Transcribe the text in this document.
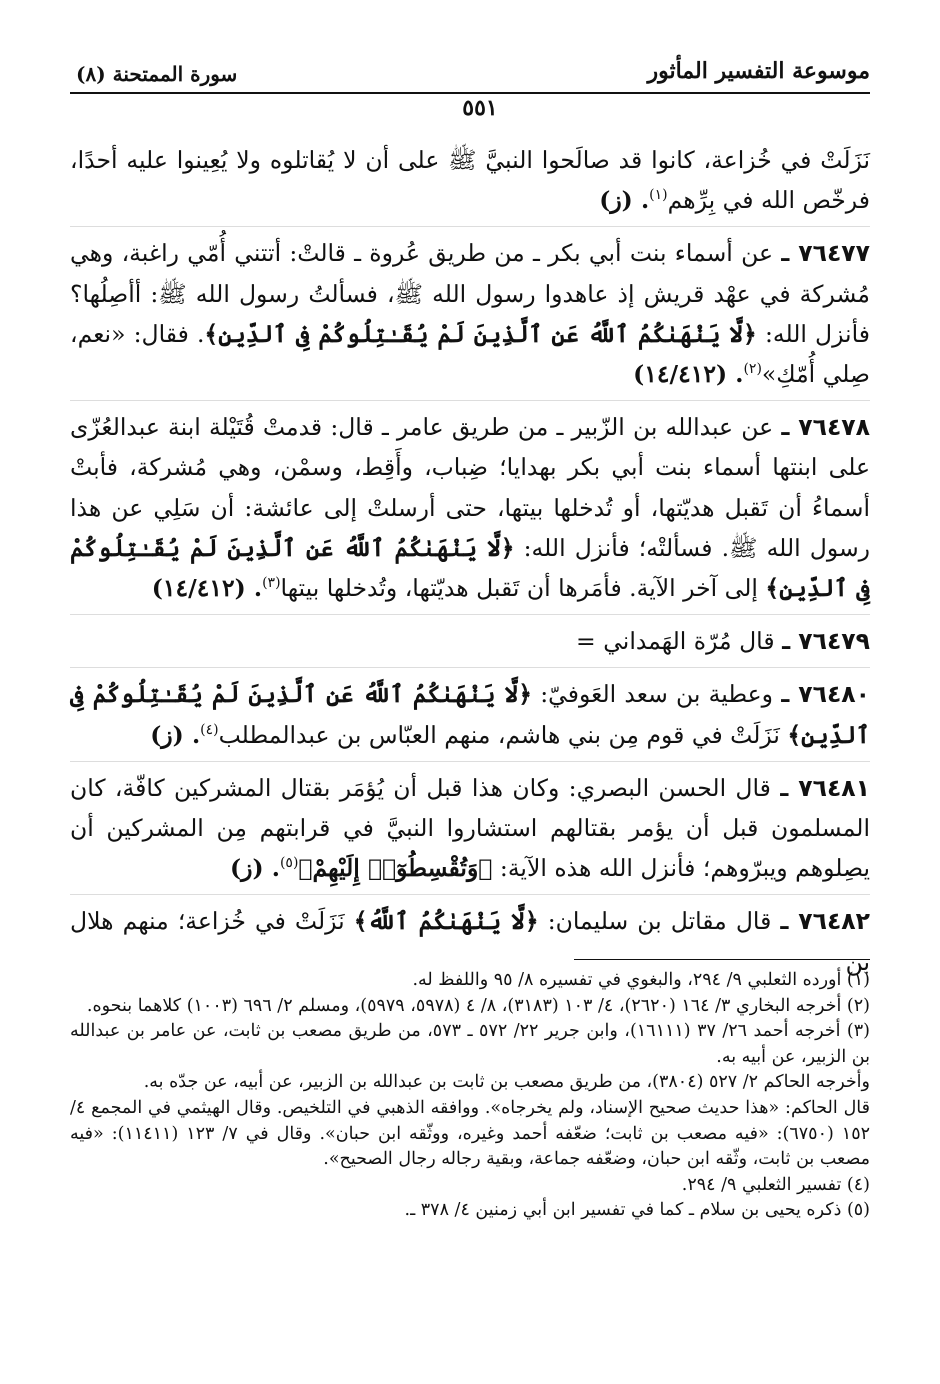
موسوعة التفسير المأثور
سورة الممتحنة (٨)
٥٥١

نَزَلَتْ في خُزاعة، كانوا قد صالَحوا النبيَّ ﷺ على أن لا يُقاتلوه ولا يُعِينوا عليه أحدًا، فرخّص الله في بِرِّهم$^{(١)}$. (ز)

٧٦٤٧٧ ـ عن أسماء بنت أبي بكر ـ من طريق عُروة ـ قالتْ: أتتني أُمّي راغبة، وهي مُشركة في عهْد قريش إذ عاهدوا رسول الله ﷺ، فسألتُ رسول الله ﷺ: أأصِلُها؟ فأنزل الله: ﴿لَّا يَنْهَىٰكُمُ ٱللَّهُ عَنِ ٱلَّذِينَ لَمْ يُقَـٰتِلُوكُمْ فِى ٱلدِّينِ﴾. فقال: «نعم، صِلي أُمّكِ»$^{(٢)}$. (١٤/٤١٢)

٧٦٤٧٨ ـ عن عبدالله بن الزّبير ـ من طريق عامر ـ قال: قدمتْ قُتَيْلة ابنة عبدالعُزّى على ابنتها أسماء بنت أبي بكر بهدايا؛ ضِباب، وأَقِط، وسمْن، وهي مُشركة، فأبتْ أسماءُ أن تَقبل هديّتها، أو تُدخلها بيتها، حتى أرسلتْ إلى عائشة: أن سَلِي عن هذا رسول الله ﷺ. فسألتْه؛ فأنزل الله: ﴿لَّا يَنْهَىٰكُمُ ٱللَّهُ عَنِ ٱلَّذِينَ لَمْ يُقَـٰتِلُوكُمْ فِى ٱلدِّينِ﴾ إلى آخر الآية. فأمَرها أن تَقبل هديّتها، وتُدخلها بيتها$^{(٣)}$. (١٤/٤١٢)

٧٦٤٧٩ ـ قال مُرّة الهَمداني =

٧٦٤٨٠ ـ وعطية بن سعد العَوفيّ: ﴿لَّا يَنْهَىٰكُمُ ٱللَّهُ عَنِ ٱلَّذِينَ لَمْ يُقَـٰتِلُوكُمْ فِى ٱلدِّينِ﴾ نَزَلَتْ في قوم مِن بني هاشم، منهم العبّاس بن عبدالمطلب$^{(٤)}$. (ز)

٧٦٤٨١ ـ قال الحسن البصري: وكان هذا قبل أن يُؤمَر بقتال المشركين كافّة، كان المسلمون قبل أن يؤمر بقتالهم استشاروا النبيَّ في قرابتهم مِن المشركين أن يصِلوهم ويبرّوهم؛ فأنزل الله هذه الآية: ﴿وَتُقْسِطُوٓا۟ إِلَيْهِمْ﴾$^{(٥)}$. (ز)

٧٦٤٨٢ ـ قال مقاتل بن سليمان: ﴿لَّا يَنْهَىٰكُمُ ٱللَّهُ﴾ نَزَلَتْ في خُزاعة؛ منهم هلال بن

(١) أورده الثعلبي ٩/ ٢٩٤، والبغوي في تفسيره ٨/ ٩٥ واللفظ له.

(٢) أخرجه البخاري ٣/ ١٦٤ (٢٦٢٠)، ٤/ ١٠٣ (٣١٨٣)، ٨/ ٤ (٥٩٧٨، ٥٩٧٩)، ومسلم ٢/ ٦٩٦ (١٠٠٣) كلاهما بنحوه.

(٣) أخرجه أحمد ٢٦/ ٣٧ (١٦١١١)، وابن جرير ٢٢/ ٥٧٢ ـ ٥٧٣، من طريق مصعب بن ثابت، عن عامر بن عبدالله بن الزبير، عن أبيه به.

وأخرجه الحاكم ٢/ ٥٢٧ (٣٨٠٤)، من طريق مصعب بن ثابت بن عبدالله بن الزبير، عن أبيه، عن جدّه به.

قال الحاكم: «هذا حديث صحيح الإسناد، ولم يخرجاه». ووافقه الذهبي في التلخيص. وقال الهيثمي في المجمع ٤/ ١٥٢ (٦٧٥٠): «فيه مصعب بن ثابت؛ ضعّفه أحمد وغيره، ووثّقه ابن حبان». وقال في ٧/ ١٢٣ (١١٤١١): «فيه مصعب بن ثابت، وثّقه ابن حبان، وضعّفه جماعة، وبقية رجاله رجال الصحيح».

(٤) تفسير الثعلبي ٩/ ٢٩٤.

(٥) ذكره يحيى بن سلام ـ كما في تفسير ابن أبي زمنين ٤/ ٣٧٨ ـ.
